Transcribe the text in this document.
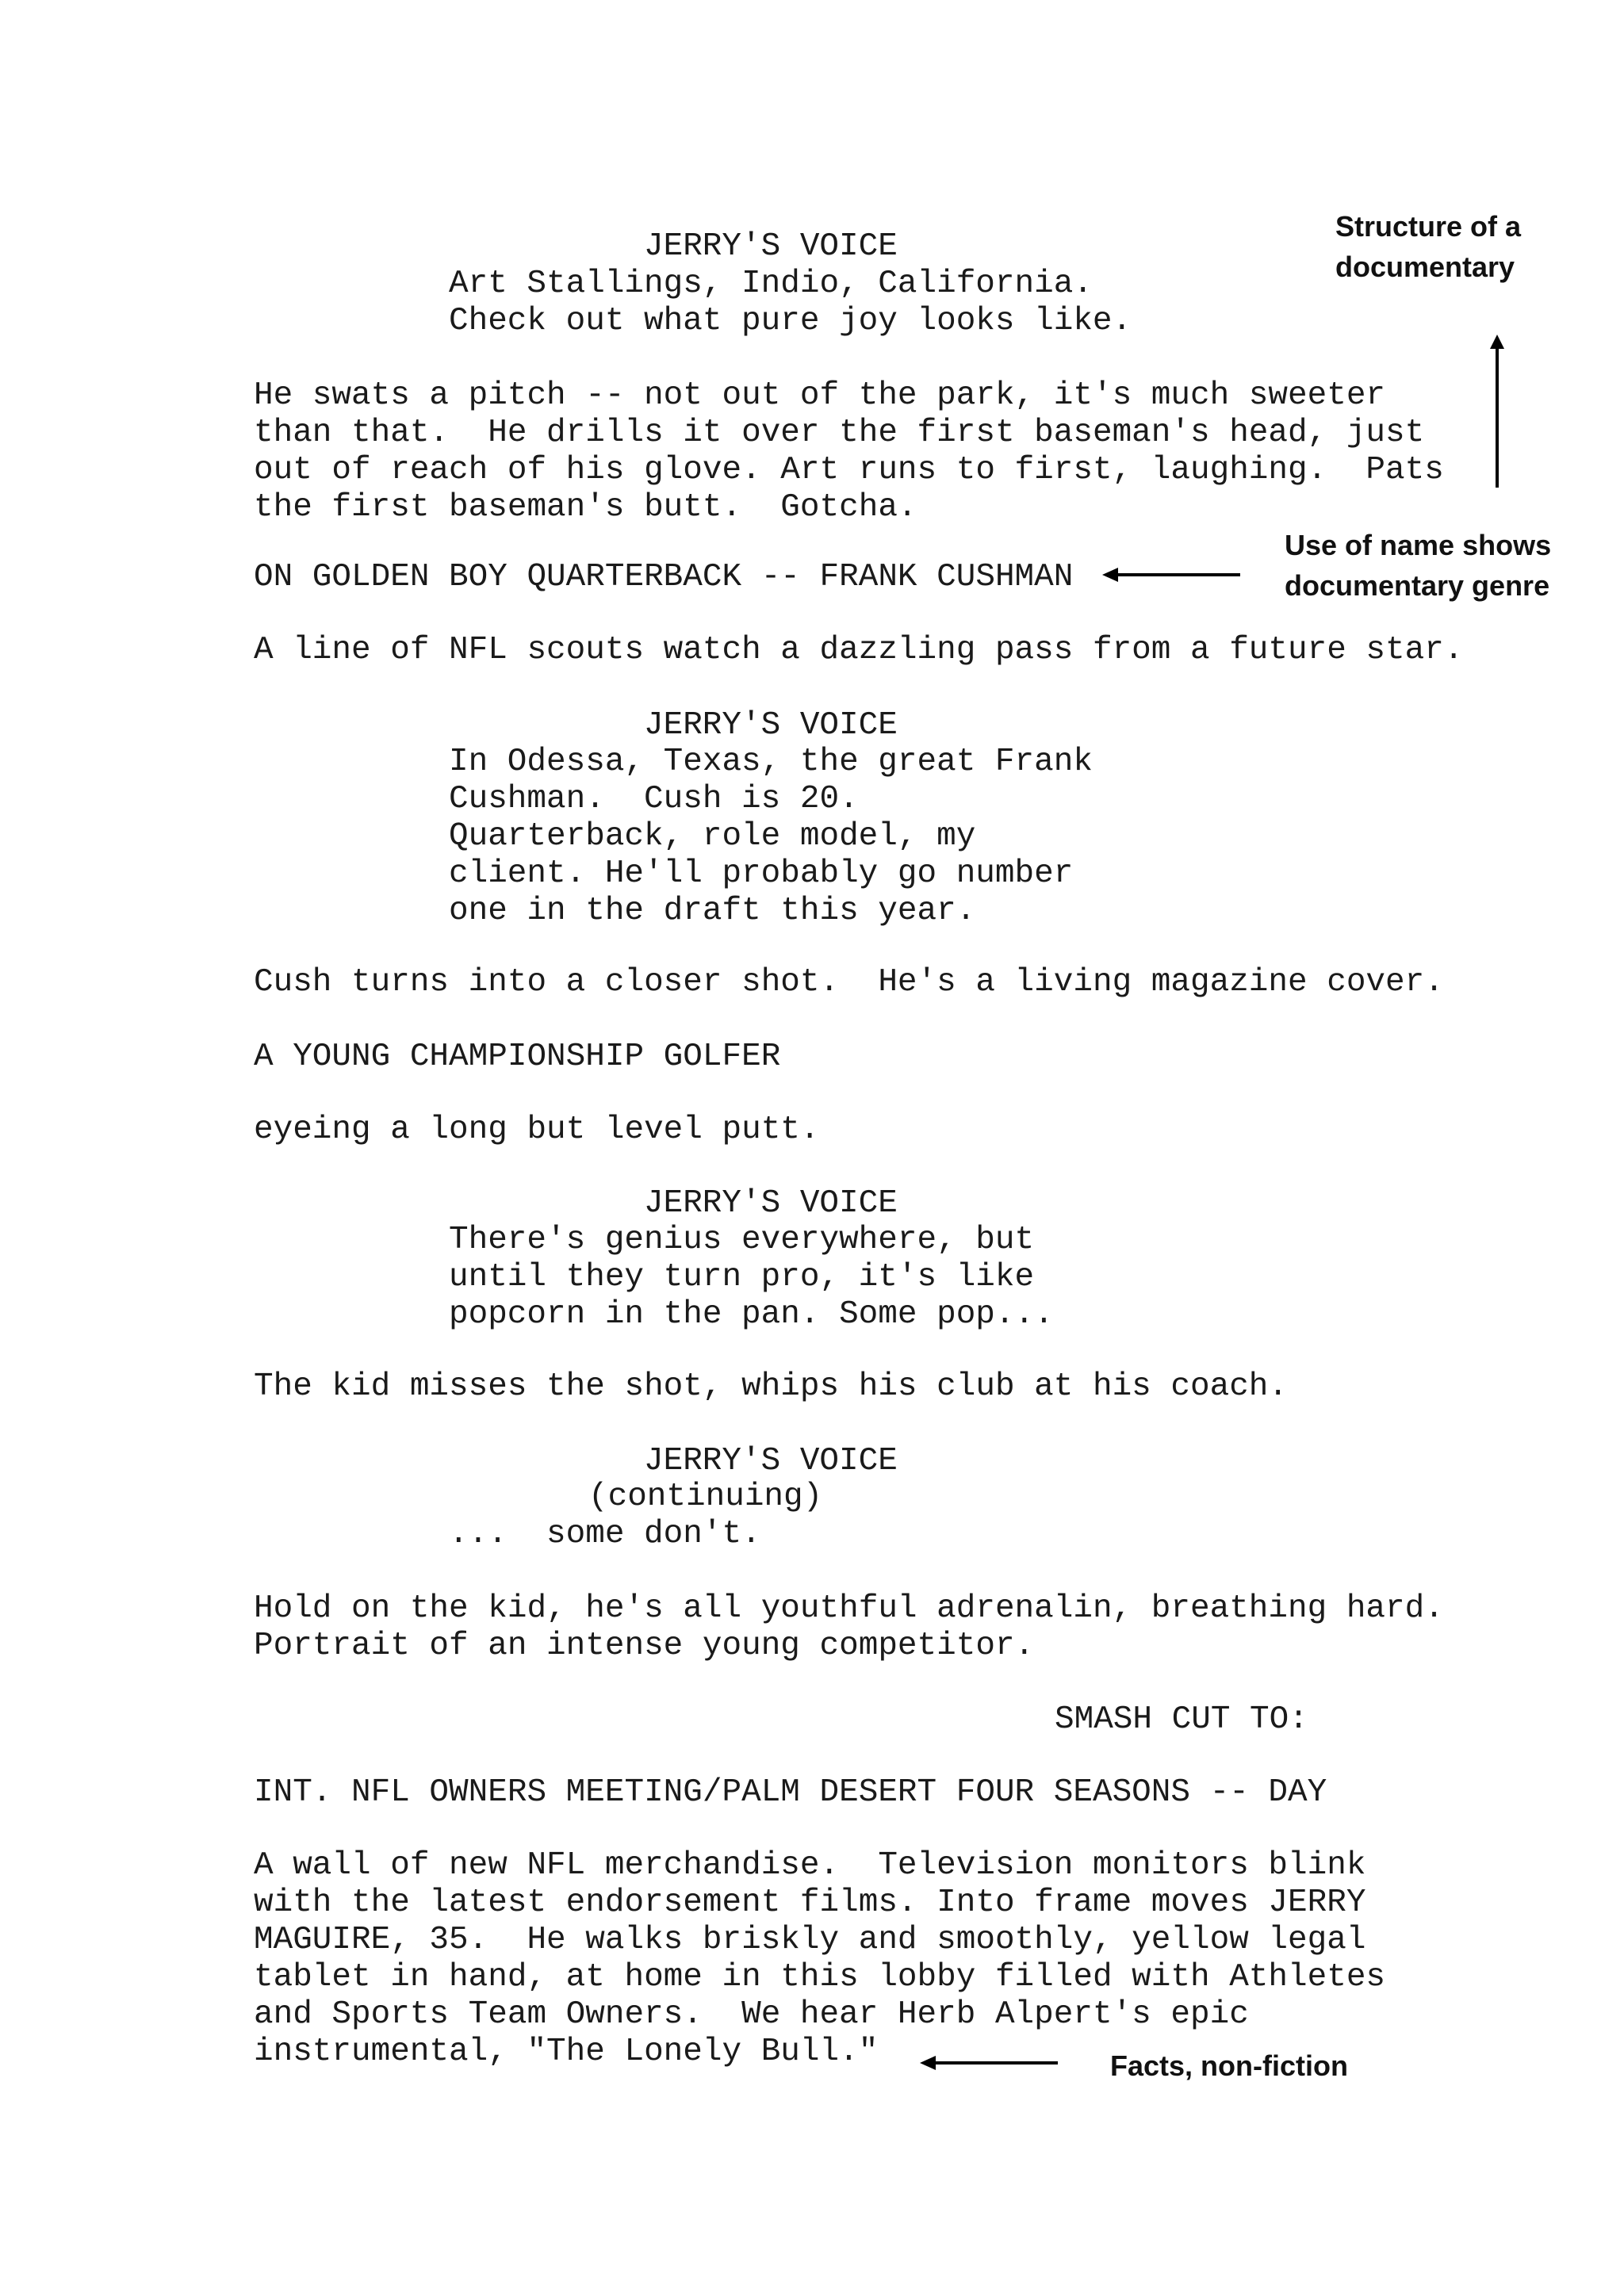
JERRY'S VOICE
Art Stallings, Indio, California.
Check out what pure joy looks like.
He swats a pitch -- not out of the park, it's much sweeter
than that.  He drills it over the first baseman's head, just
out of reach of his glove. Art runs to first, laughing.  Pats
the first baseman's butt.  Gotcha.
ON GOLDEN BOY QUARTERBACK -- FRANK CUSHMAN
A line of NFL scouts watch a dazzling pass from a future star.
JERRY'S VOICE
In Odessa, Texas, the great Frank
Cushman.  Cush is 20.
Quarterback, role model, my
client. He'll probably go number
one in the draft this year.
Cush turns into a closer shot.  He's a living magazine cover.
A YOUNG CHAMPIONSHIP GOLFER
eyeing a long but level putt.
JERRY'S VOICE
There's genius everywhere, but
until they turn pro, it's like
popcorn in the pan. Some pop...
The kid misses the shot, whips his club at his coach.
JERRY'S VOICE
(continuing)
...  some don't.
Hold on the kid, he's all youthful adrenalin, breathing hard.
Portrait of an intense young competitor.
SMASH CUT TO:
INT. NFL OWNERS MEETING/PALM DESERT FOUR SEASONS -- DAY
A wall of new NFL merchandise.  Television monitors blink
with the latest endorsement films. Into frame moves JERRY
MAGUIRE, 35.  He walks briskly and smoothly, yellow legal
tablet in hand, at home in this lobby filled with Athletes
and Sports Team Owners.  We hear Herb Alpert's epic
instrumental, "The Lonely Bull."
Structure of a
documentary
Use of name shows
documentary genre
Facts, non-fiction
